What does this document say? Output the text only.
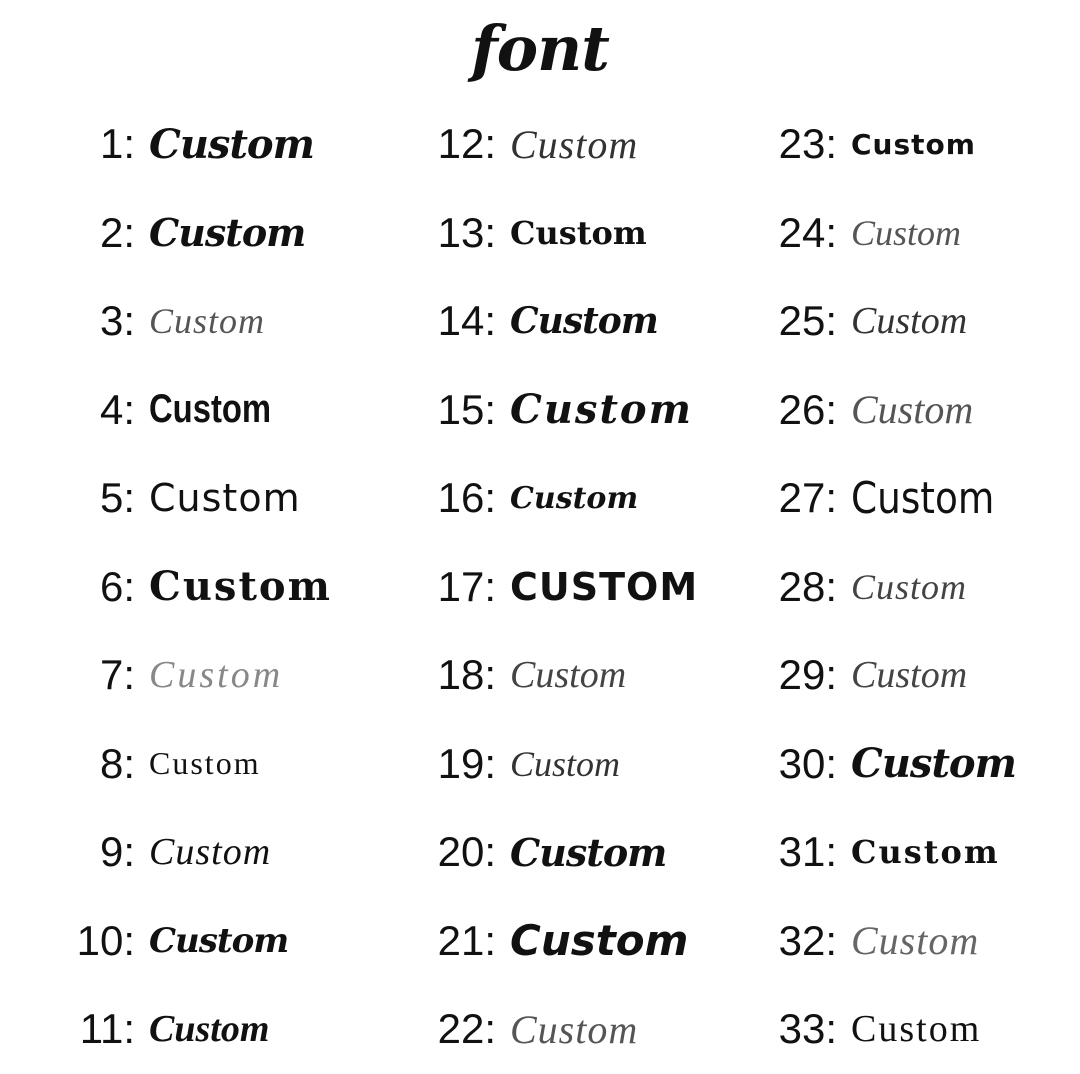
font
1: Custom
2: Custom
3: Custom
4: Custom
5: Custom
6: Custom
7: Custom
8: Custom
9: Custom
10: Custom
11: Custom
12: Custom
13: Custom
14: Custom
15: Custom
16: Custom
17: CUSTOM
18: Custom
19: Custom
20: Custom
21: Custom
22: Custom
23: Custom
24: Custom
25: Custom
26: Custom
27: Custom
28: Custom
29: Custom
30: Custom
31: Custom
32: Custom
33: Custom
